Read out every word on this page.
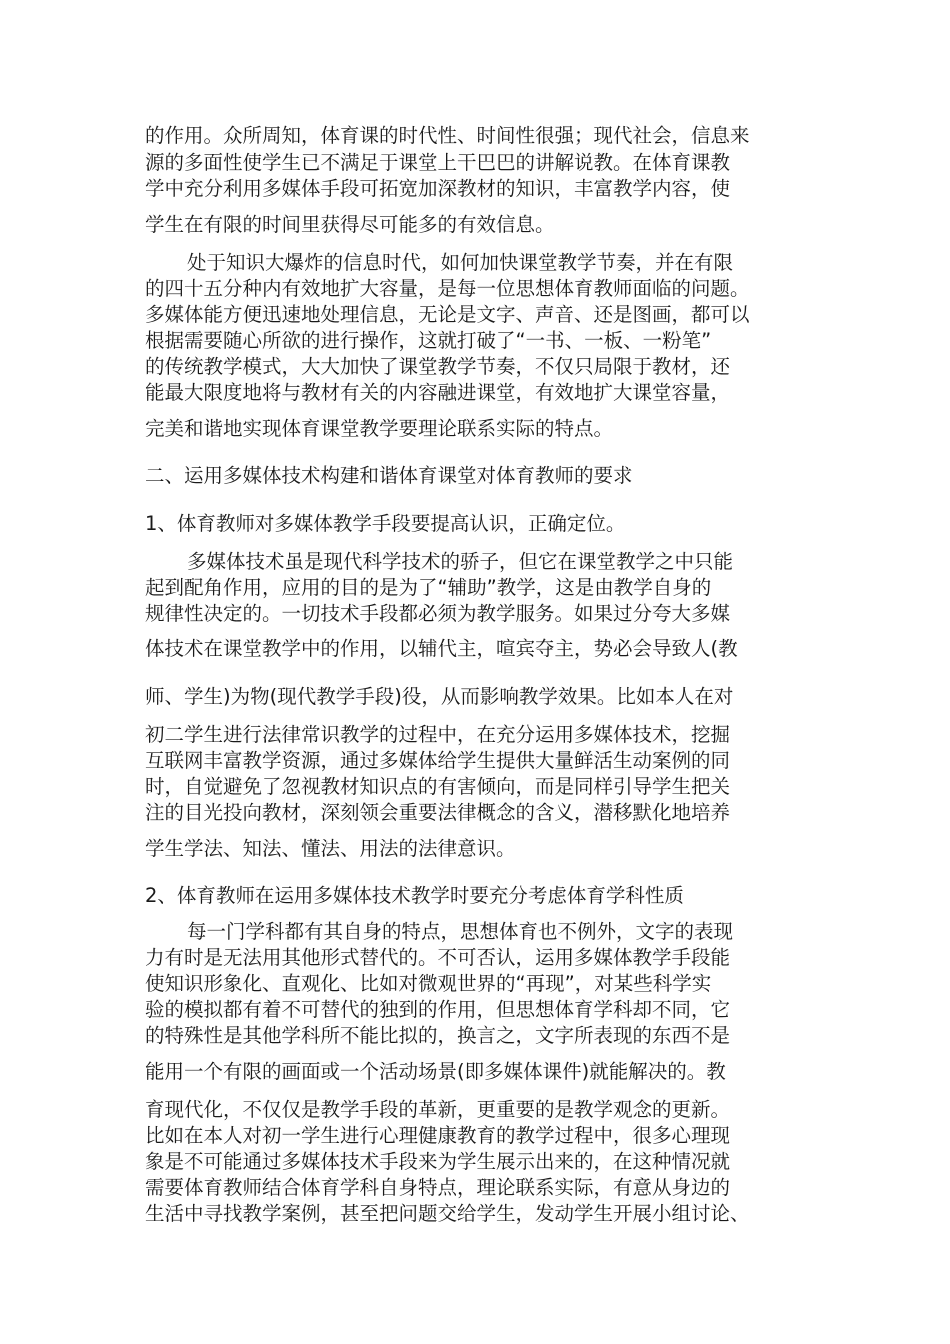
的作用。众所周知，体育课的时代性、时间性很强；现代社会，信息来
源的多面性使学生已不满足于课堂上干巴巴的讲解说教。在体育课教
学中充分利用多媒体手段可拓宽加深教材的知识，丰富教学内容，使
学生在有限的时间里获得尽可能多的有效信息。
处于知识大爆炸的信息时代，如何加快课堂教学节奏，并在有限
的四十五分种内有效地扩大容量，是每一位思想体育教师面临的问题。
多媒体能方便迅速地处理信息，无论是文字、声音、还是图画，都可以
根据需要随心所欲的进行操作，这就打破了“一书、一板、一粉笔”
的传统教学模式，大大加快了课堂教学节奏，不仅只局限于教材，还
能最大限度地将与教材有关的内容融进课堂，有效地扩大课堂容量，
完美和谐地实现体育课堂教学要理论联系实际的特点。
二、运用多媒体技术构建和谐体育课堂对体育教师的要求
1、体育教师对多媒体教学手段要提高认识，正确定位。
多媒体技术虽是现代科学技术的骄子，但它在课堂教学之中只能
起到配角作用，应用的目的是为了“辅助”教学，这是由教学自身的
规律性决定的。一切技术手段都必须为教学服务。如果过分夸大多媒
体技术在课堂教学中的作用，以辅代主，喧宾夺主，势必会导致人(教
师、学生)为物(现代教学手段)役，从而影响教学效果。比如本人在对
初二学生进行法律常识教学的过程中，在充分运用多媒体技术，挖掘
互联网丰富教学资源，通过多媒体给学生提供大量鲜活生动案例的同
时，自觉避免了忽视教材知识点的有害倾向，而是同样引导学生把关
注的目光投向教材，深刻领会重要法律概念的含义，潜移默化地培养
学生学法、知法、懂法、用法的法律意识。
2、体育教师在运用多媒体技术教学时要充分考虑体育学科性质
每一门学科都有其自身的特点，思想体育也不例外，文字的表现
力有时是无法用其他形式替代的。不可否认，运用多媒体教学手段能
使知识形象化、直观化、比如对微观世界的“再现”，对某些科学实
验的模拟都有着不可替代的独到的作用，但思想体育学科却不同，它
的特殊性是其他学科所不能比拟的，换言之，文字所表现的东西不是
能用一个有限的画面或一个活动场景(即多媒体课件)就能解决的。教
育现代化，不仅仅是教学手段的革新，更重要的是教学观念的更新。
比如在本人对初一学生进行心理健康教育的教学过程中，很多心理现
象是不可能通过多媒体技术手段来为学生展示出来的，在这种情况就
需要体育教师结合体育学科自身特点，理论联系实际，有意从身边的
生活中寻找教学案例，甚至把问题交给学生，发动学生开展小组讨论、
